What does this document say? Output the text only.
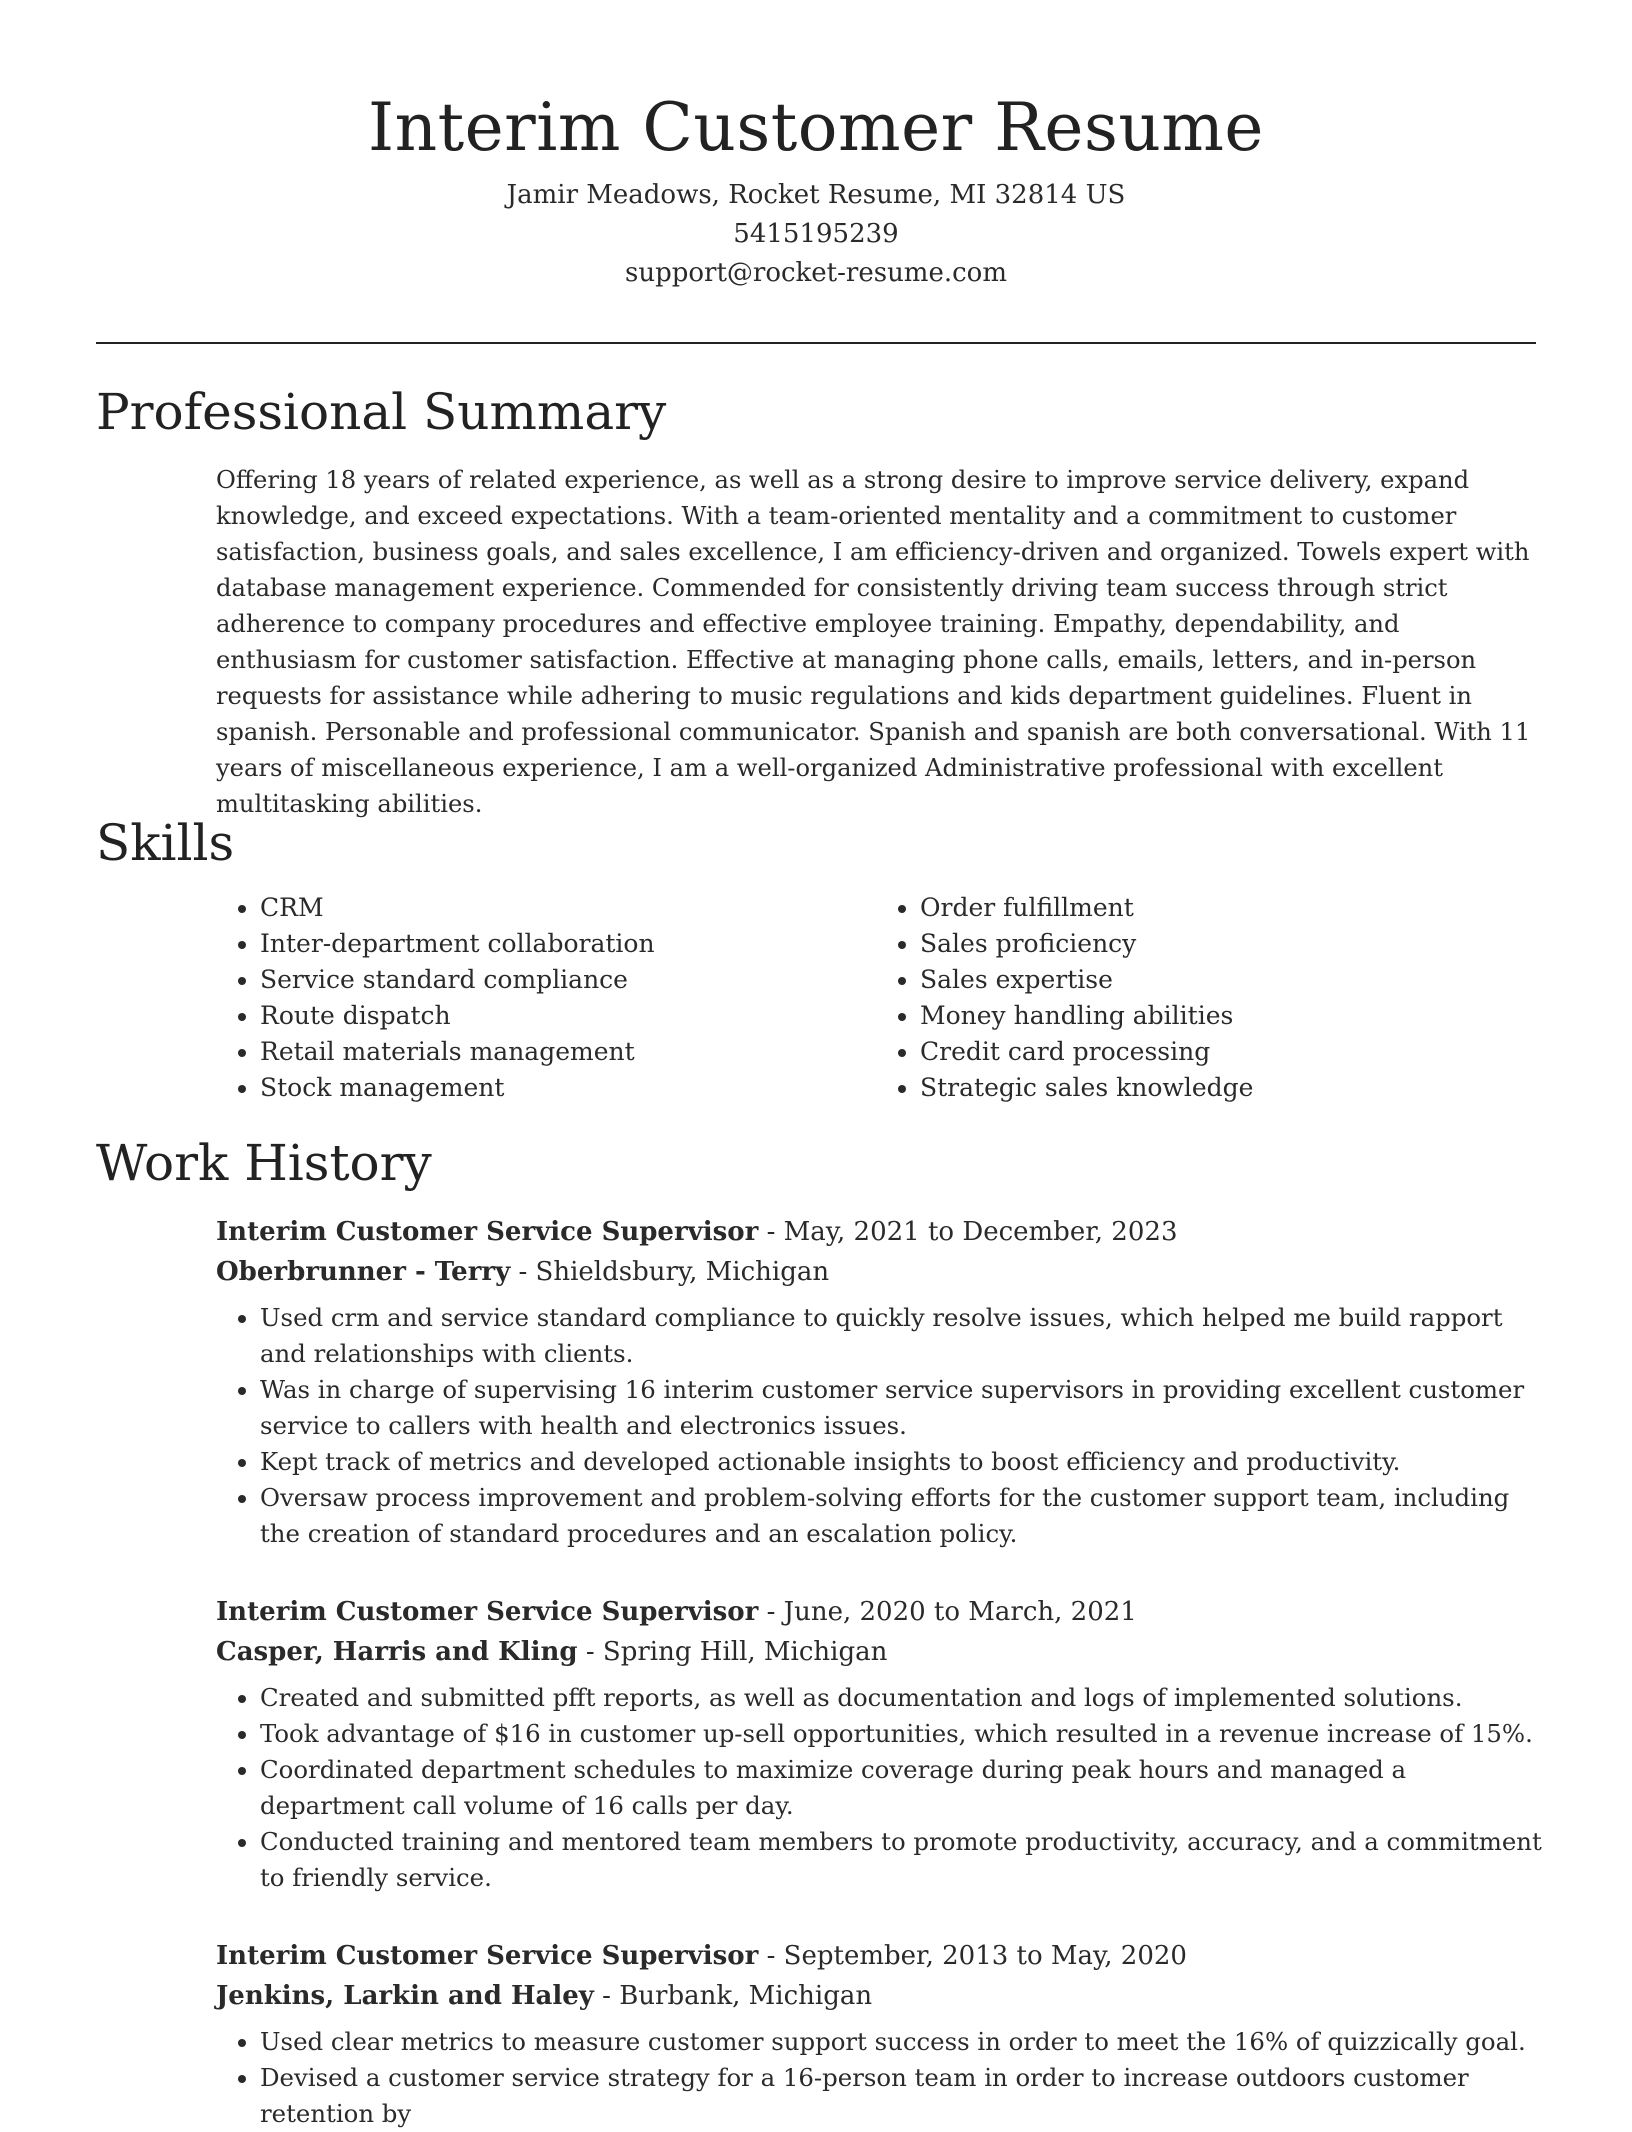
Interim Customer Resume
Jamir Meadows, Rocket Resume, MI 32814 US
5415195239
support@rocket-resume.com
Professional Summary

Offering 18 years of related experience, as well as a strong desire to improve service delivery, expand knowledge, and exceed expectations. With a team-oriented mentality and a commitment to customer satisfaction, business goals, and sales excellence, I am efficiency-driven and organized. Towels expert with database management experience. Commended for consistently driving team success through strict adherence to company procedures and effective employee training. Empathy, dependability, and enthusiasm for customer satisfaction. Effective at managing phone calls, emails, letters, and in-person requests for assistance while adhering to music regulations and kids department guidelines. Fluent in spanish. Personable and professional communicator. Spanish and spanish are both conversational. With 11 years of miscellaneous experience, I am a well-organized Administrative professional with excellent multitasking abilities.

Skills
• CRM
• Inter-department collaboration
• Service standard compliance
• Route dispatch
• Retail materials management
• Stock management
• Order fulfillment
• Sales proficiency
• Sales expertise
• Money handling abilities
• Credit card processing
• Strategic sales knowledge
Work History
Interim Customer Service Supervisor - May, 2021 to December, 2023
Oberbrunner - Terry - Shieldsbury, Michigan
• Used crm and service standard compliance to quickly resolve issues, which helped me build rapport and relationships with clients.
• Was in charge of supervising 16 interim customer service supervisors in providing excellent customer service to callers with health and electronics issues.
• Kept track of metrics and developed actionable insights to boost efficiency and productivity.
• Oversaw process improvement and problem-solving efforts for the customer support team, including the creation of standard procedures and an escalation policy.
Interim Customer Service Supervisor - June, 2020 to March, 2021
Casper, Harris and Kling - Spring Hill, Michigan
• Created and submitted pfft reports, as well as documentation and logs of implemented solutions.
• Took advantage of $16 in customer up-sell opportunities, which resulted in a revenue increase of 15%.
• Coordinated department schedules to maximize coverage during peak hours and managed a department call volume of 16 calls per day.
• Conducted training and mentored team members to promote productivity, accuracy, and a commitment to friendly service.
Interim Customer Service Supervisor - September, 2013 to May, 2020
Jenkins, Larkin and Haley - Burbank, Michigan
• Used clear metrics to measure customer support success in order to meet the 16% of quizzically goal.
• Devised a customer service strategy for a 16-person team in order to increase outdoors customer retention by
